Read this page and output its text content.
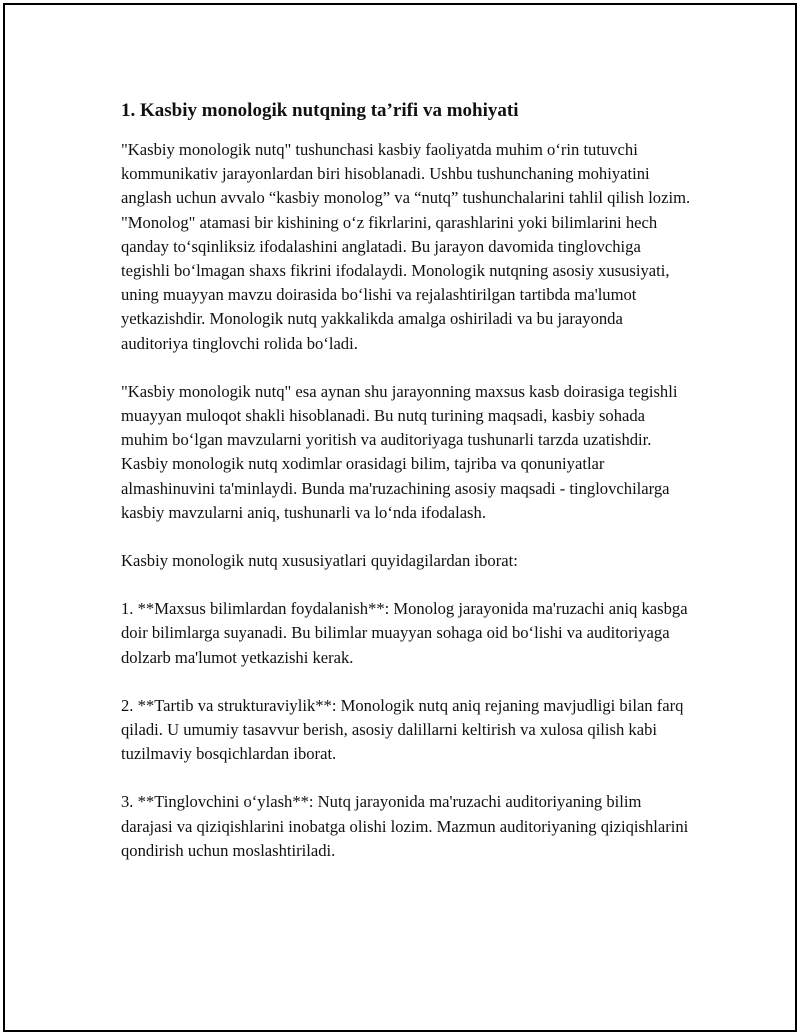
1. Kasbiy monologik nutqning ta’rifi va mohiyati

"Kasbiy monologik nutq" tushunchasi kasbiy faoliyatda muhim o‘rin tutuvchi kommunikativ jarayonlardan biri hisoblanadi. Ushbu tushunchaning mohiyatini anglash uchun avvalo “kasbiy monolog” va “nutq” tushunchalarini tahlil qilish lozim. "Monolog" atamasi bir kishining o‘z fikrlarini, qarashlarini yoki bilimlarini hech qanday to‘sqinliksiz ifodalashini anglatadi. Bu jarayon davomida tinglovchiga tegishli bo‘lmagan shaxs fikrini ifodalaydi. Monologik nutqning asosiy xususiyati, uning muayyan mavzu doirasida bo‘lishi va rejalashtirilgan tartibda ma'lumot yetkazishdir. Monologik nutq yakkalikda amalga oshiriladi va bu jarayonda auditoriya tinglovchi rolida bo‘ladi.

"Kasbiy monologik nutq" esa aynan shu jarayonning maxsus kasb doirasiga tegishli muayyan muloqot shakli hisoblanadi. Bu nutq turining maqsadi, kasbiy sohada muhim bo‘lgan mavzularni yoritish va auditoriyaga tushunarli tarzda uzatishdir. Kasbiy monologik nutq xodimlar orasidagi bilim, tajriba va qonuniyatlar almashinuvini ta'minlaydi. Bunda ma'ruzachining asosiy maqsadi - tinglovchilarga kasbiy mavzularni aniq, tushunarli va lo‘nda ifodalash.

Kasbiy monologik nutq xususiyatlari quyidagilardan iborat:

1. **Maxsus bilimlardan foydalanish**: Monolog jarayonida ma'ruzachi aniq kasbga doir bilimlarga suyanadi. Bu bilimlar muayyan sohaga oid bo‘lishi va auditoriyaga dolzarb ma'lumot yetkazishi kerak.

2. **Tartib va strukturaviylik**: Monologik nutq aniq rejaning mavjudligi bilan farq qiladi. U umumiy tasavvur berish, asosiy dalillarni keltirish va xulosa qilish kabi tuzilmaviy bosqichlardan iborat.

3. **Tinglovchini o‘ylash**: Nutq jarayonida ma'ruzachi auditoriyaning bilim darajasi va qiziqishlarini inobatga olishi lozim. Mazmun auditoriyaning qiziqishlarini qondirish uchun moslashtiriladi.
